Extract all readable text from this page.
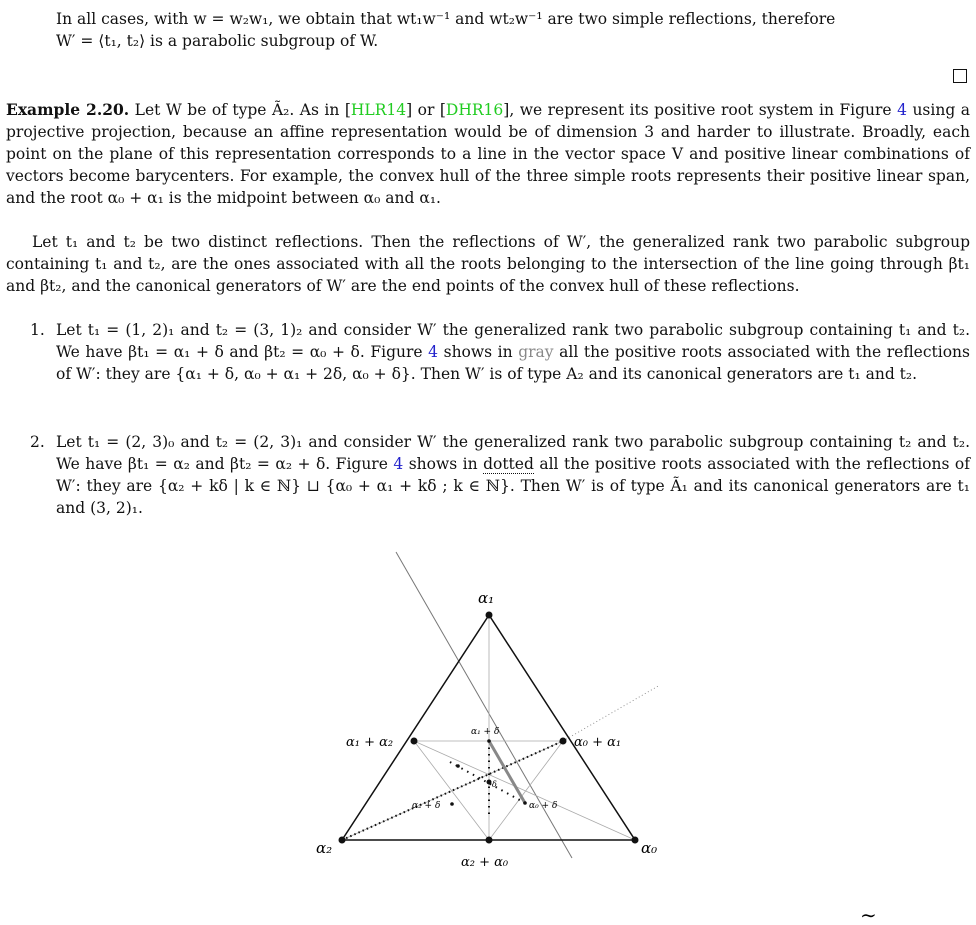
In all cases, with w = w₂w₁, we obtain that wt₁w⁻¹ and wt₂w⁻¹ are two simple reflections, therefore
W′ = ⟨t₁, t₂⟩ is a parabolic subgroup of W.

Example 2.20. Let W be of type Ã₂. As in [HLR14] or [DHR16], we represent its positive root system in Figure 4 using a projective projection, because an affine representation would be of dimension 3 and harder to illustrate. Broadly, each point on the plane of this representation corresponds to a line in the vector space V and positive linear combinations of vectors become barycenters. For example, the convex hull of the three simple roots represents their positive linear span, and the root α₀ + α₁ is the midpoint between α₀ and α₁.

Let t₁ and t₂ be two distinct reflections. Then the reflections of W′, the generalized rank two parabolic subgroup containing t₁ and t₂, are the ones associated with all the roots belonging to the intersection of the line going through βt₁ and βt₂, and the canonical generators of W′ are the end points of the convex hull of these reflections.

1. Let t₁ = (1, 2)₁ and t₂ = (3, 1)₂ and consider W′ the generalized rank two parabolic subgroup containing t₁ and t₂. We have βt₁ = α₁ + δ and βt₂ = α₀ + δ. Figure 4 shows in gray all the positive roots associated with the reflections of W′: they are {α₁ + δ, α₀ + α₁ + 2δ, α₀ + δ}. Then W′ is of type A₂ and its canonical generators are t₁ and t₂.
2. Let t₁ = (2, 3)₀ and t₂ = (2, 3)₁ and consider W′ the generalized rank two parabolic subgroup containing t₂ and t₂. We have βt₁ = α₂ and βt₂ = α₂ + δ. Figure 4 shows in dotted all the positive roots associated with the reflections of W′: they are {α₂ + kδ | k ∈ ℕ} ⊔ {α₀ + α₁ + kδ ; k ∈ ℕ}. Then W′ is of type Ã₁ and its canonical generators are t₁ and (3, 2)₁.
α₁
α₂	α₀
α₁ + α₂	α₀ + α₁
α₂ + α₀
α₁ + δ
α₂ + δ	α₀ + δ
δ
∼
